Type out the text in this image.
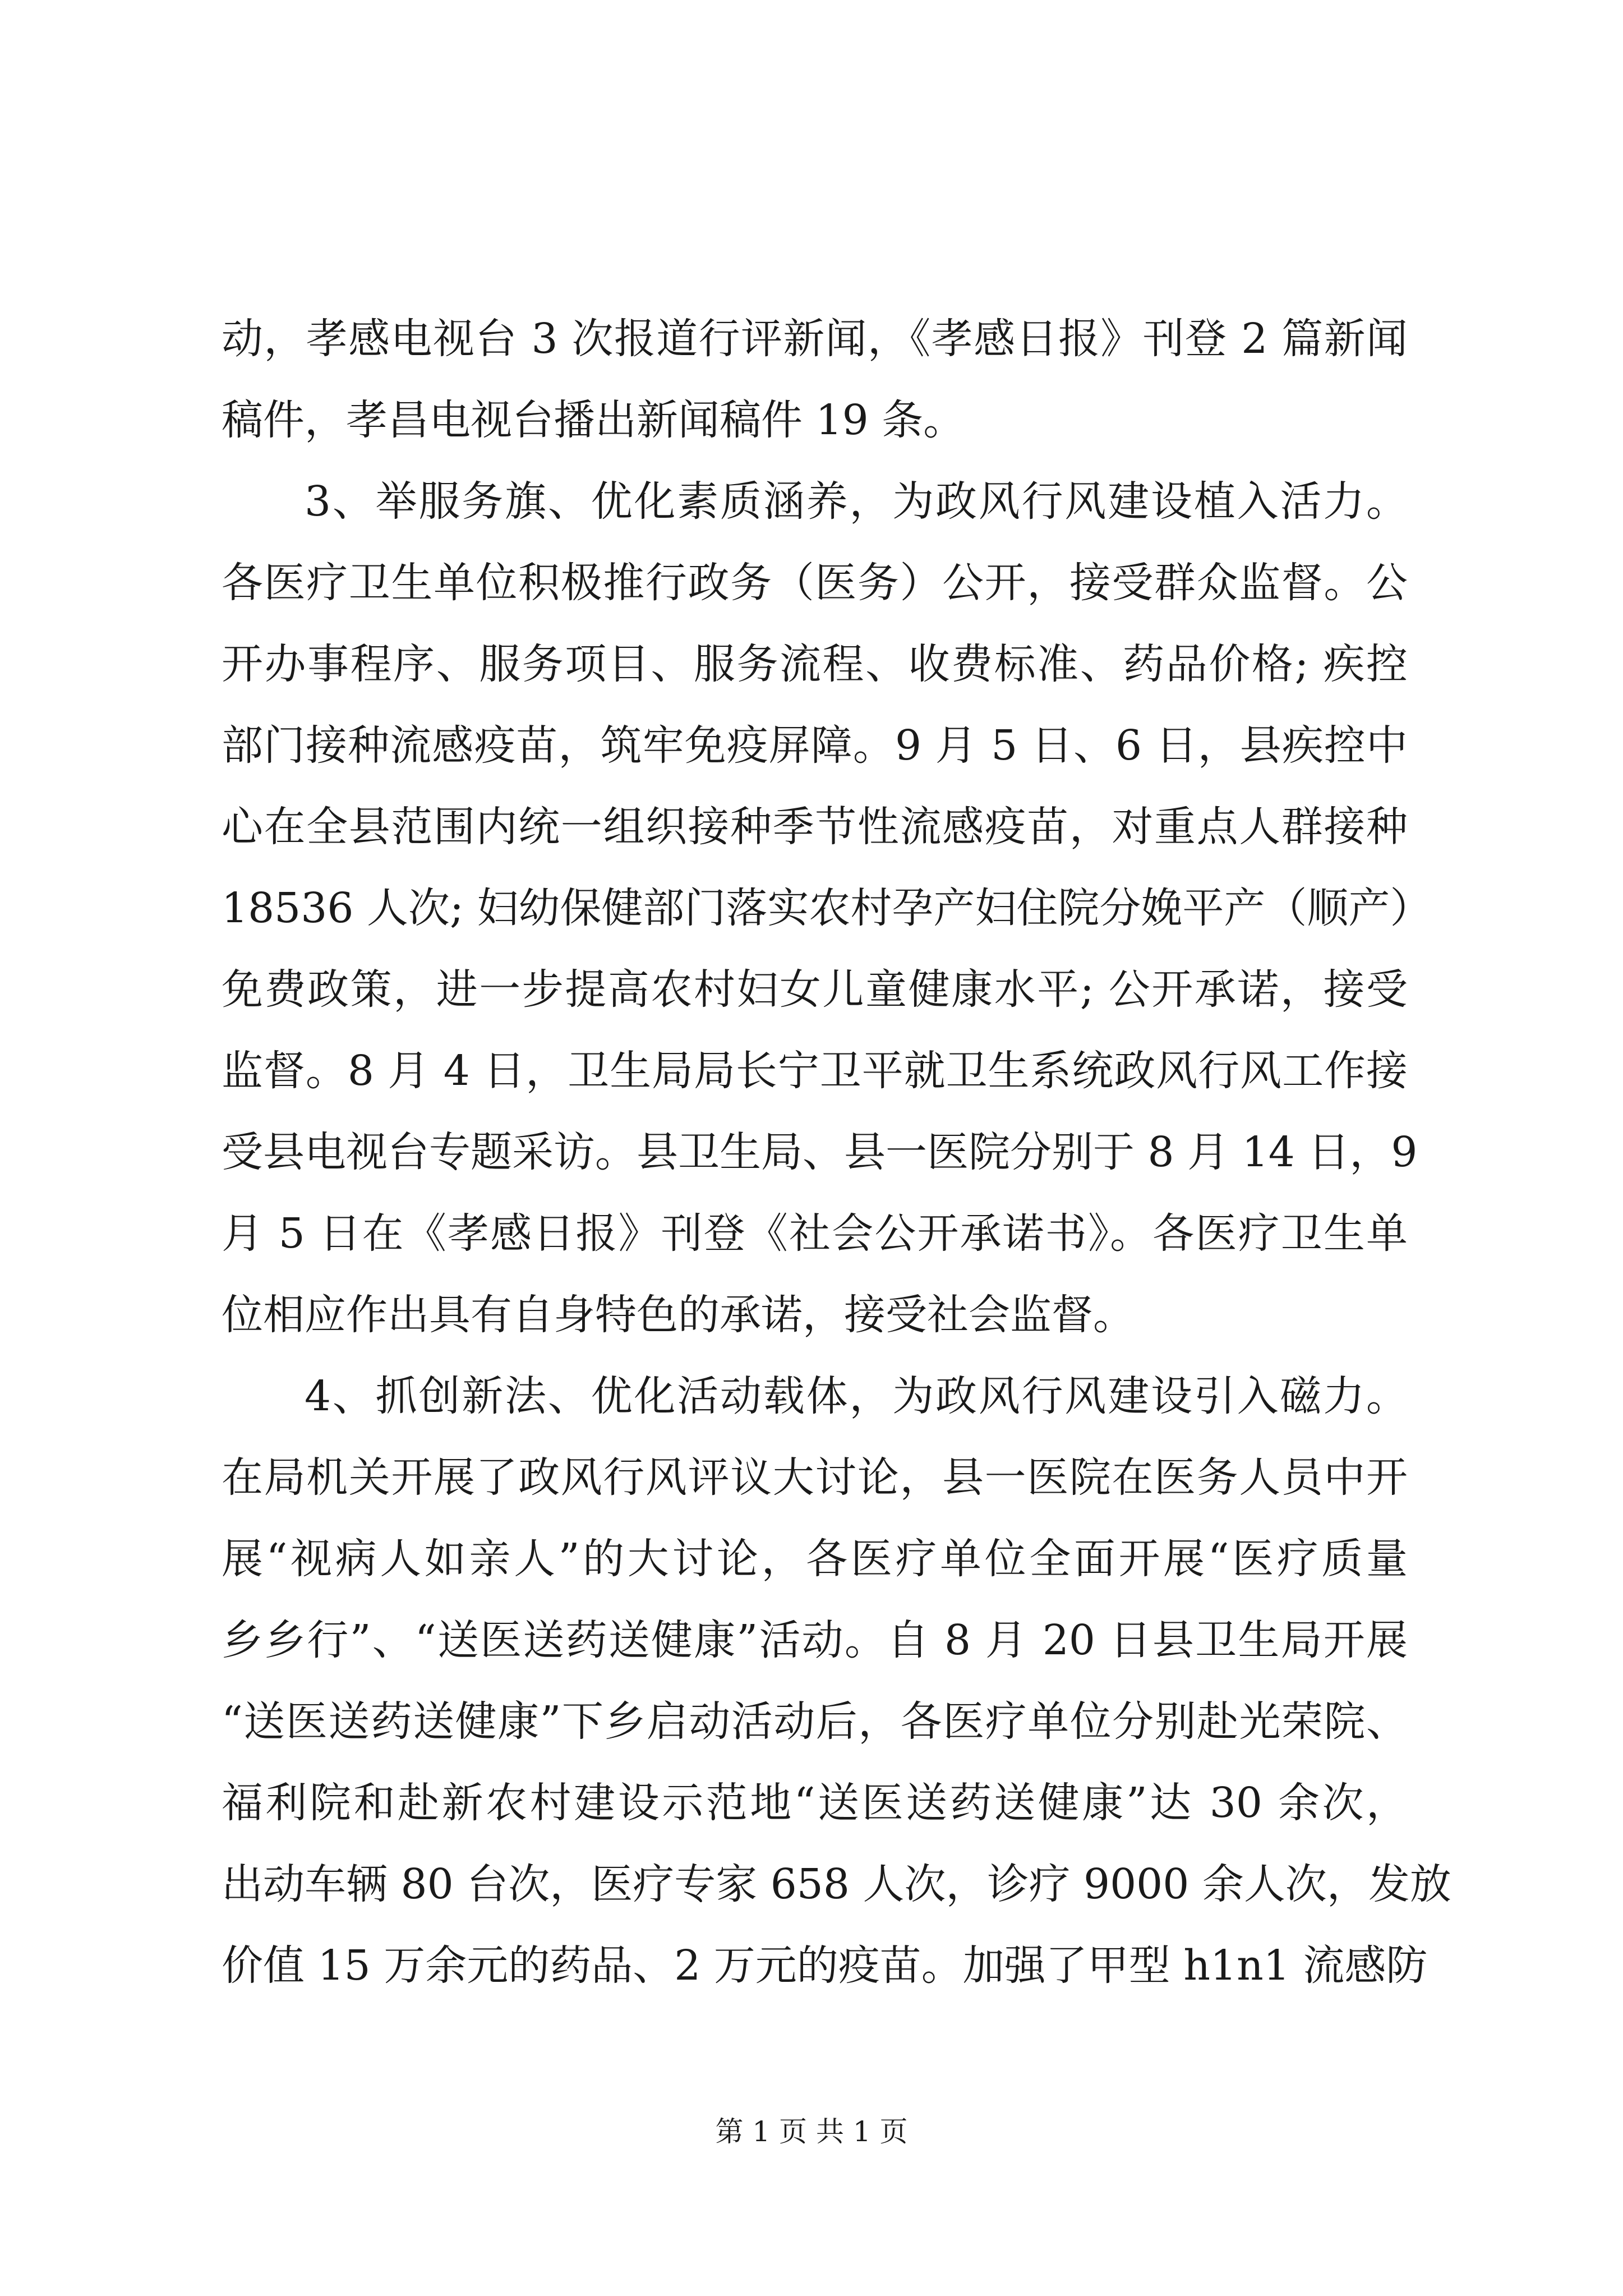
动，孝感电视台 3 次报道行评新闻，《孝感日报》刊登 2 篇新闻
稿件，孝昌电视台播出新闻稿件 19 条。
3、举服务旗、优化素质涵养，为政风行风建设植入活力。
各医疗卫生单位积极推行政务（医务）公开，接受群众监督。公
开办事程序、服务项目、服务流程、收费标准、药品价格; 疾控
部门接种流感疫苗，筑牢免疫屏障。9 月 5 日、6 日，县疾控中
心在全县范围内统一组织接种季节性流感疫苗，对重点人群接种
18536 人次; 妇幼保健部门落实农村孕产妇住院分娩平产（顺产）
免费政策，进一步提高农村妇女儿童健康水平; 公开承诺，接受
监督。8 月 4 日，卫生局局长宁卫平就卫生系统政风行风工作接
受县电视台专题采访。县卫生局、县一医院分别于 8 月 14 日，9
月 5 日在《孝感日报》刊登《社会公开承诺书》。各医疗卫生单
位相应作出具有自身特色的承诺，接受社会监督。
4、抓创新法、优化活动载体，为政风行风建设引入磁力。
在局机关开展了政风行风评议大讨论，县一医院在医务人员中开
展“视病人如亲人”的大讨论，各医疗单位全面开展“医疗质量
乡乡行”、“送医送药送健康”活动。自 8 月 20 日县卫生局开展
“送医送药送健康”下乡启动活动后，各医疗单位分别赴光荣院、
福利院和赴新农村建设示范地“送医送药送健康”达 30 余次，
出动车辆 80 台次，医疗专家 658 人次，诊疗 9000 余人次，发放
价值 15 万余元的药品、2 万元的疫苗。加强了甲型 h1n1 流感防
第 1 页 共 1 页
